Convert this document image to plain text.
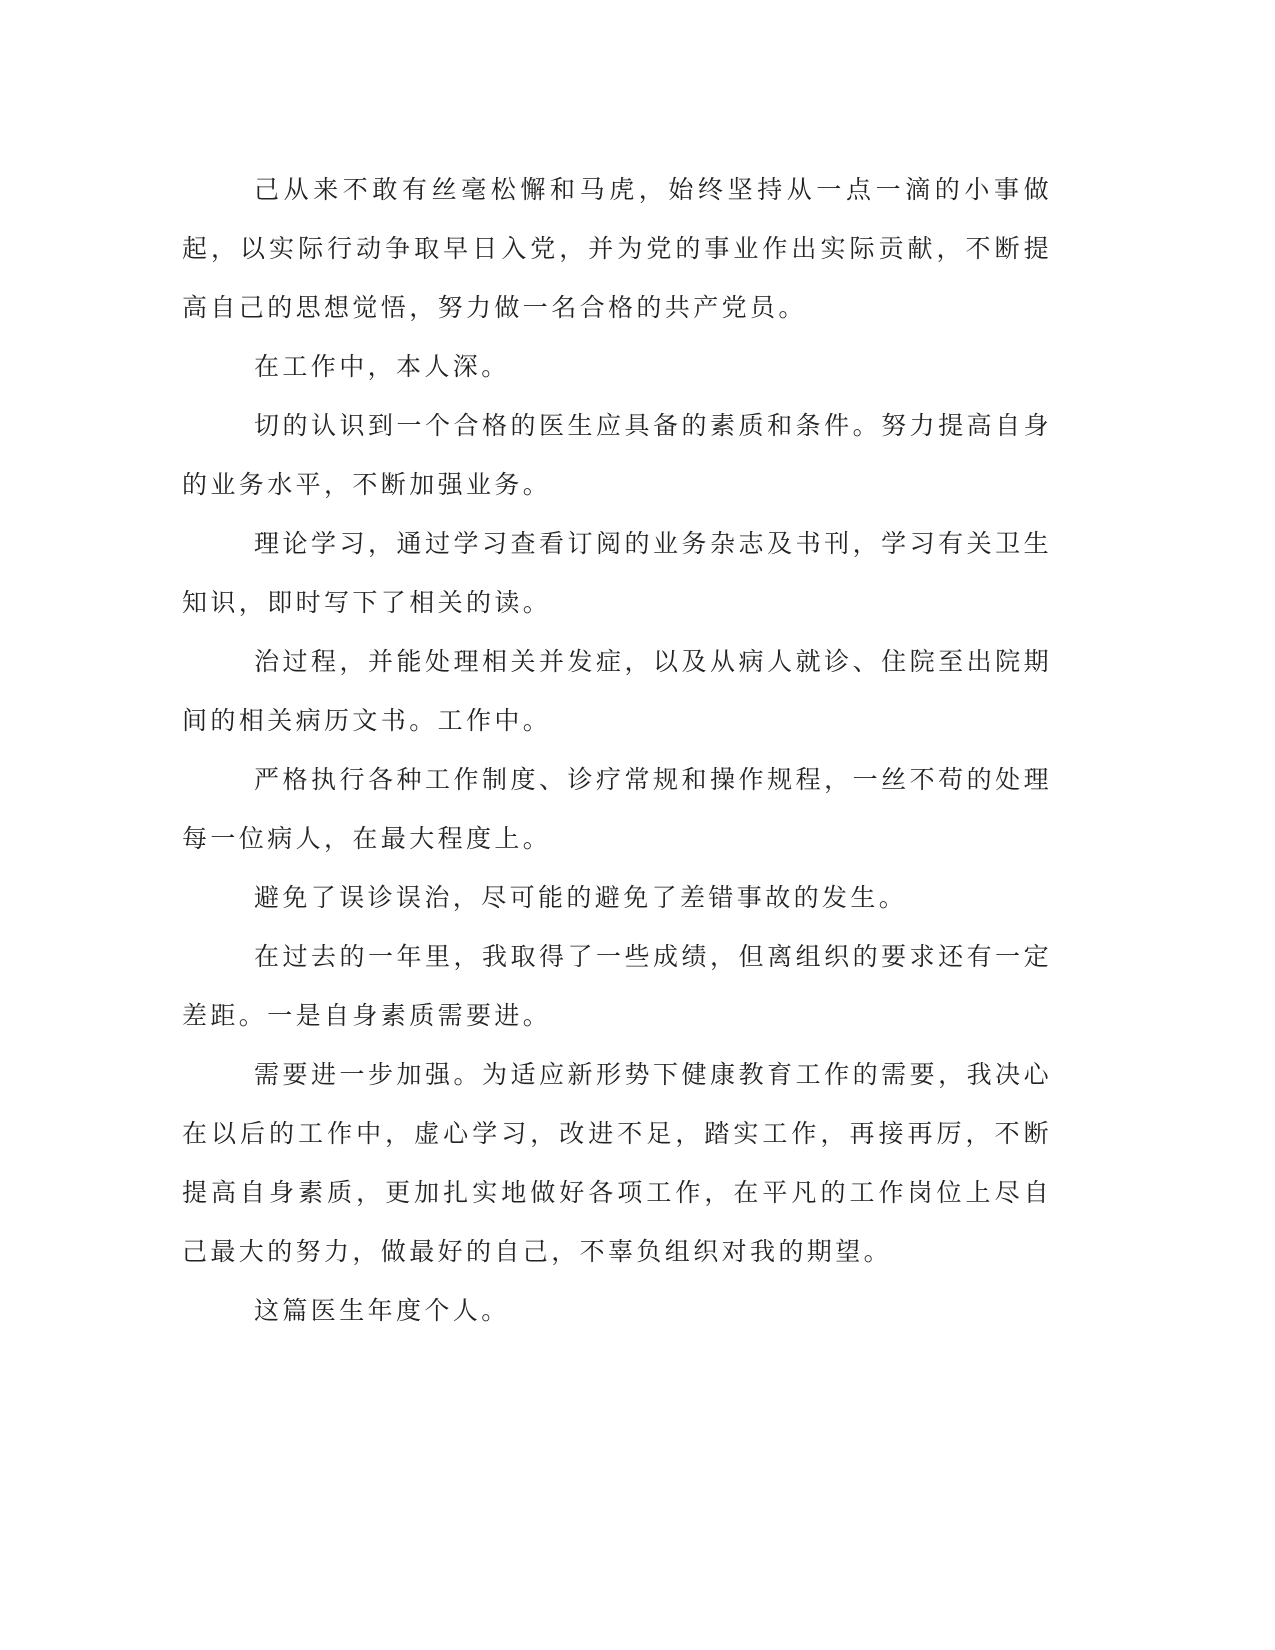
己从来不敢有丝毫松懈和马虎，始终坚持从一点一滴的小事做起，以实际行动争取早日入党，并为党的事业作出实际贡献，不断提高自己的思想觉悟，努力做一名合格的共产党员。

在工作中，本人深。

切的认识到一个合格的医生应具备的素质和条件。努力提高自身的业务水平，不断加强业务。

理论学习，通过学习查看订阅的业务杂志及书刊，学习有关卫生知识，即时写下了相关的读。

治过程，并能处理相关并发症，以及从病人就诊、住院至出院期间的相关病历文书。工作中。

严格执行各种工作制度、诊疗常规和操作规程，一丝不苟的处理每一位病人，在最大程度上。

避免了误诊误治，尽可能的避免了差错事故的发生。

在过去的一年里，我取得了一些成绩，但离组织的要求还有一定差距。一是自身素质需要进。

需要进一步加强。为适应新形势下健康教育工作的需要，我决心在以后的工作中，虚心学习，改进不足，踏实工作，再接再厉，不断提高自身素质，更加扎实地做好各项工作，在平凡的工作岗位上尽自己最大的努力，做最好的自己，不辜负组织对我的期望。

这篇医生年度个人。
